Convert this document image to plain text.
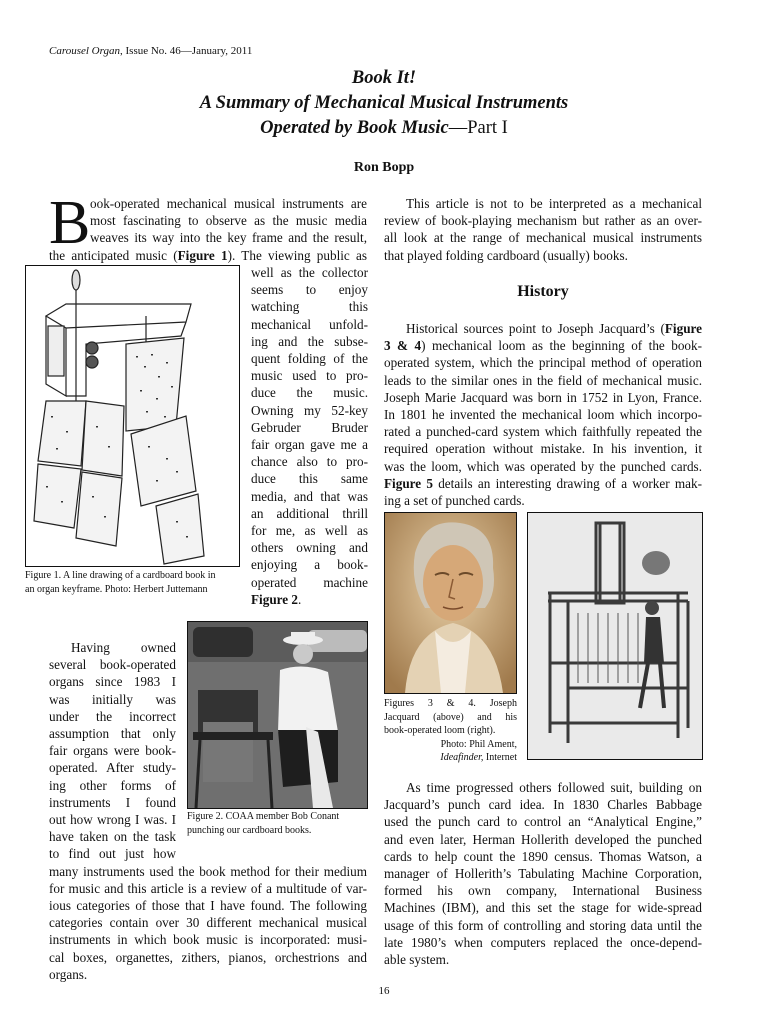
Carousel Organ, Issue No. 46—January, 2011
Book It!
A Summary of Mechanical Musical Instruments
Operated by Book Music—Part I
Ron Bopp
B ook-operated mechanical musical instruments are
most fascinating to observe as the music media
weaves its way into the key frame and the result,
the anticipated music (Figure 1). The viewing public as
Figure 1. A line drawing of a cardboard book in
an organ keyframe. Photo: Herbert Juttemann
well as the collector
seems to enjoy
watching this
mechanical unfold-
ing and the subse-
quent folding of the
music used to pro-
duce the music.
Owning my 52-key
Gebruder Bruder
fair organ gave me a
chance also to pro-
duce this same
media, and that was
an additional thrill
for me, as well as
others owning and
enjoying a book-
operated machine
Figure 2.
Having owned
several book-operated
organs since 1983 I
was initially was
under the incorrect
assumption that only
fair organs were book-
operated. After study-
ing other forms of
instruments I found
out how wrong I was. I
have taken on the task
to find out just how
Figure 2. COAA member Bob Conant
punching our cardboard books.
many instruments used the book method for their medium
for music and this article is a review of a multitude of var-
ious categories of those that I have found. The following
categories contain over 30 different mechanical musical
instruments in which book music is incorporated: musi-
cal boxes, organettes, zithers, pianos, orchestrions and
organs.
This article is not to be interpreted as a mechanical
review of book-playing mechanism but rather as an over-
all look at the range of mechanical musical instruments
that played folding cardboard (usually) books.
History
Historical sources point to Joseph Jacquard’s (Figure
3 & 4) mechanical loom as the beginning of the book-
operated system, which the principal method of operation
leads to the similar ones in the field of mechanical music.
Joseph Marie Jacquard was born in 1752 in Lyon, France.
In 1801 he invented the mechanical loom which incorpo-
rated a punched-card system which faithfully repeated the
required operation without mistake. In his invention, it
was the loom, which was operated by the punched cards.
Figure 5 details an interesting drawing of a worker mak-
ing a set of punched cards.
Figures 3 & 4. Joseph
Jacquard (above) and his
book-operated loom (right).
Photo: Phil Ament,
Ideafinder, Internet
As time progressed others followed suit, building on
Jacquard’s punch card idea. In 1830 Charles Babbage
used the punch card to control an “Analytical Engine,”
and even later, Herman Hollerith developed the punched
cards to help count the 1890 census. Thomas Watson, a
manager of Hollerith’s Tabulating Machine Corporation,
formed his own company, International Business
Machines (IBM), and this set the stage for wide-spread
usage of this form of controlling and storing data until the
late 1980’s when computers replaced the once-depend-
able system.
16
